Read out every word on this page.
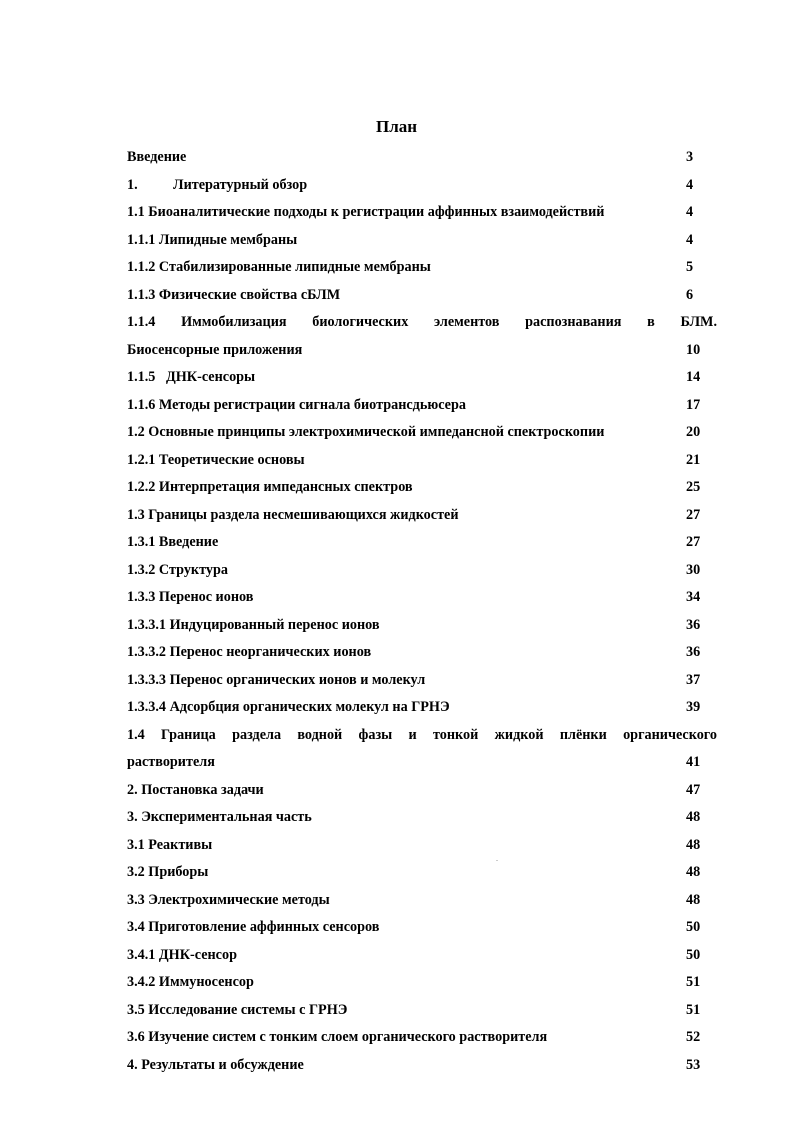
План
Введение	3
1. Литературный обзор	4
1.1 Биоаналитические подходы к регистрации аффинных взаимодействий	4
1.1.1 Липидные мембраны	4
1.1.2 Стабилизированные липидные мембраны	5
1.1.3 Физические свойства сБЛМ	6
1.1.4 Иммобилизация биологических элементов распознавания в БЛМ.
Биосенсорные приложения	10
1.1.5   ДНК-сенсоры	14
1.1.6 Методы регистрации сигнала биотрансдьюсера	17
1.2 Основные принципы электрохимической импедансной спектроскопии	20
1.2.1 Теоретические основы	21
1.2.2 Интерпретация импедансных спектров	25
1.3 Границы раздела несмешивающихся жидкостей	27
1.3.1 Введение	27
1.3.2 Структура	30
1.3.3 Перенос ионов	34
1.3.3.1 Индуцированный перенос ионов	36
1.3.3.2 Перенос неорганических ионов	36
1.3.3.3 Перенос органических ионов и молекул	37
1.3.3.4 Адсорбция органических молекул на ГРНЭ	39
1.4 Граница раздела водной фазы и тонкой жидкой плёнки органического
растворителя	41
2. Постановка задачи	47
3. Экспериментальная часть	48
3.1 Реактивы	48
3.2 Приборы	48
3.3 Электрохимические методы	48
3.4 Приготовление аффинных сенсоров	50
3.4.1 ДНК-сенсор	50
3.4.2 Иммуносенсор	51
3.5 Исследование системы с ГРНЭ	51
3.6 Изучение систем с тонким слоем органического растворителя	52
4. Результаты и обсуждение	53
